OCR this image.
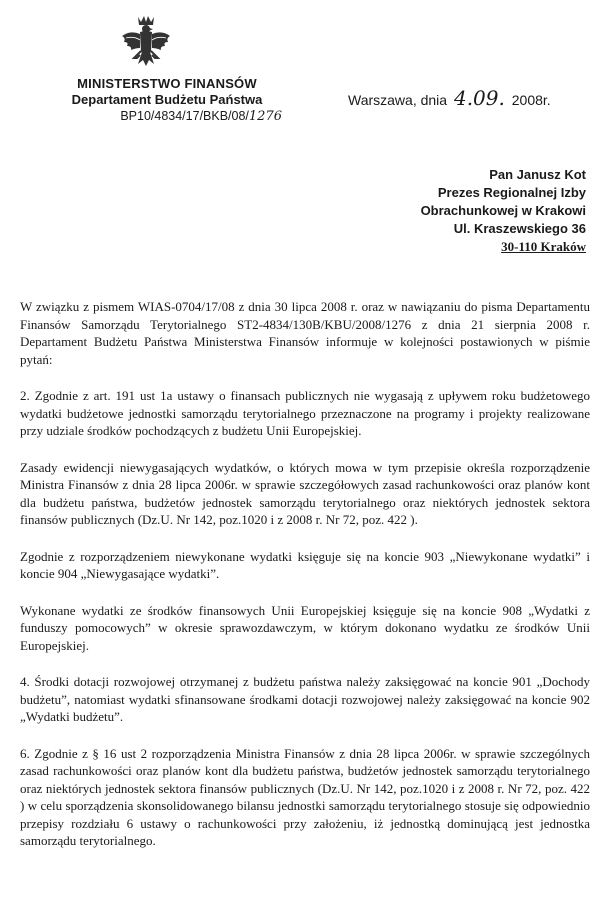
MINISTERSTWO FINANSÓW
Departament Budżetu Państwa
BP10/4834/17/BKB/08/1276
Warszawa, dnia 4.09. 2008r.
Pan Janusz Kot
Prezes Regionalnej Izby
Obrachunkowej w Krakowi
Ul. Kraszewskiego 36
30-110 Kraków

W związku z pismem WIAS-0704/17/08 z dnia 30 lipca 2008 r. oraz w nawiązaniu do pisma Departamentu Finansów Samorządu Terytorialnego ST2-4834/130B/KBU/2008/1276 z dnia 21 sierpnia 2008 r. Departament Budżetu Państwa Ministerstwa Finansów informuje w kolejności postawionych w piśmie pytań:

2. Zgodnie z art. 191 ust 1a ustawy o finansach publicznych nie wygasają z upływem roku budżetowego wydatki budżetowe jednostki samorządu terytorialnego przeznaczone na programy i projekty realizowane przy udziale środków pochodzących z budżetu Unii Europejskiej.

Zasady ewidencji niewygasających wydatków, o których mowa w tym przepisie określa rozporządzenie Ministra Finansów z dnia 28 lipca 2006r. w sprawie szczegółowych zasad rachunkowości oraz planów kont dla budżetu państwa, budżetów jednostek samorządu terytorialnego oraz niektórych jednostek sektora finansów publicznych (Dz.U. Nr 142, poz.1020 i z 2008 r. Nr 72, poz. 422 ).

Zgodnie z rozporządzeniem niewykonane wydatki księguje się na koncie 903 „Niewykonane wydatki” i koncie 904 „Niewygasające wydatki”.

Wykonane wydatki ze środków finansowych Unii Europejskiej księguje się na koncie 908 „Wydatki z funduszy pomocowych” w okresie sprawozdawczym, w którym dokonano wydatku ze środków Unii Europejskiej.

4. Środki dotacji rozwojowej otrzymanej z budżetu państwa należy zaksięgować na koncie 901 „Dochody budżetu”, natomiast wydatki sfinansowane środkami dotacji rozwojowej należy zaksięgować na koncie 902 „Wydatki budżetu”.

6. Zgodnie z § 16 ust 2 rozporządzenia Ministra Finansów z dnia 28 lipca 2006r. w sprawie szczególnych zasad rachunkowości oraz planów kont dla budżetu państwa, budżetów jednostek samorządu terytorialnego oraz niektórych jednostek sektora finansów publicznych (Dz.U. Nr 142, poz.1020 i z 2008 r. Nr 72, poz. 422 ) w celu sporządzenia skonsolidowanego bilansu jednostki samorządu terytorialnego stosuje się odpowiednio przepisy rozdziału 6 ustawy o rachunkowości przy założeniu, iż jednostką dominującą jest jednostka samorządu terytorialnego.
